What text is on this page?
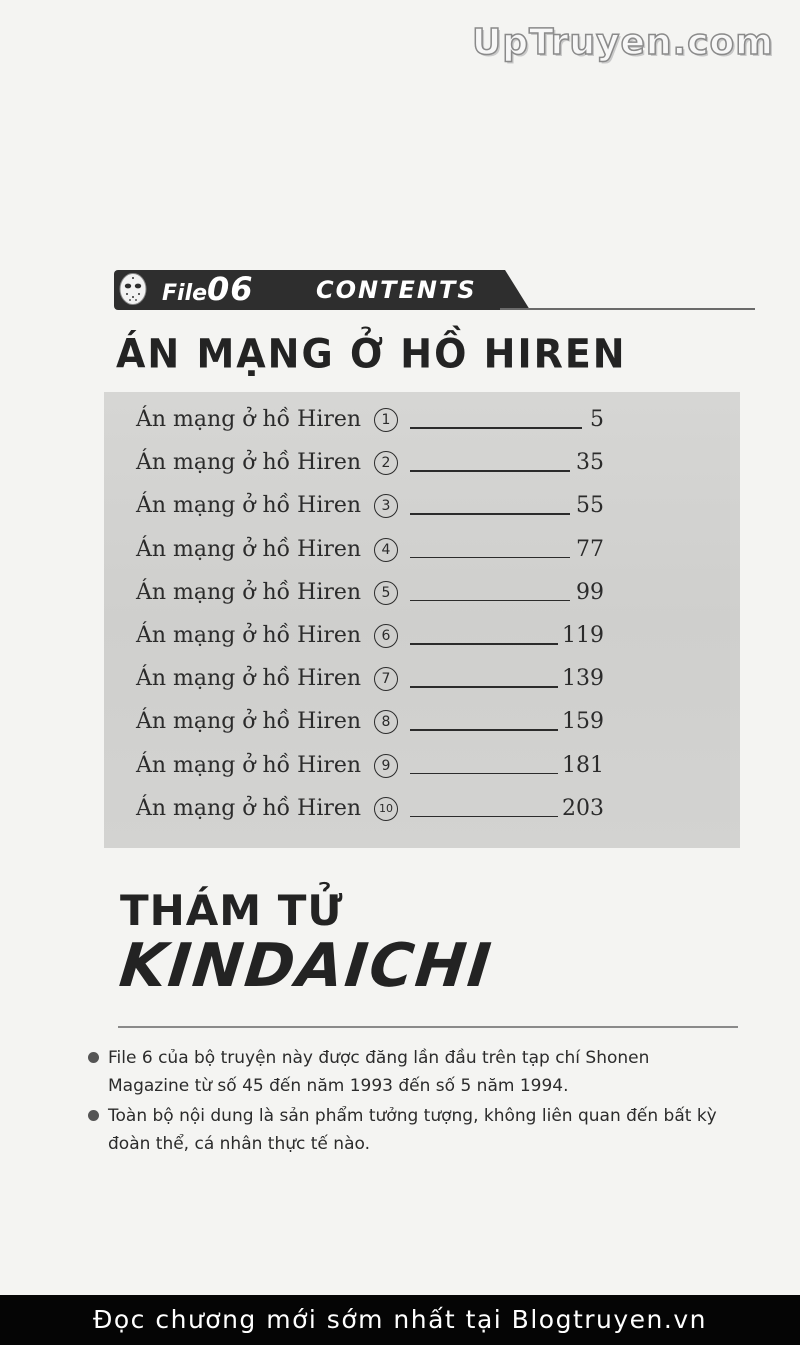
UpTruyen.com
File06	CONTENTS
ÁN MẠNG Ở HỒ HIREN
Án mạng ở hồ Hiren	1	5
Án mạng ở hồ Hiren	2	35
Án mạng ở hồ Hiren	3	55
Án mạng ở hồ Hiren	4	77
Án mạng ở hồ Hiren	5	99
Án mạng ở hồ Hiren	6	119
Án mạng ở hồ Hiren	7	139
Án mạng ở hồ Hiren	8	159
Án mạng ở hồ Hiren	9	181
Án mạng ở hồ Hiren	10	203
THÁM TỬ
KINDAICHI
File 6 của bộ truyện này được đăng lần đầu trên tạp chí Shonen Magazine từ số 45 đến năm 1993 đến số 5 năm 1994.
Toàn bộ nội dung là sản phẩm tưởng tượng, không liên quan đến bất kỳ đoàn thể, cá nhân thực tế nào.
Đọc chương mới sớm nhất tại Blogtruyen.vn
